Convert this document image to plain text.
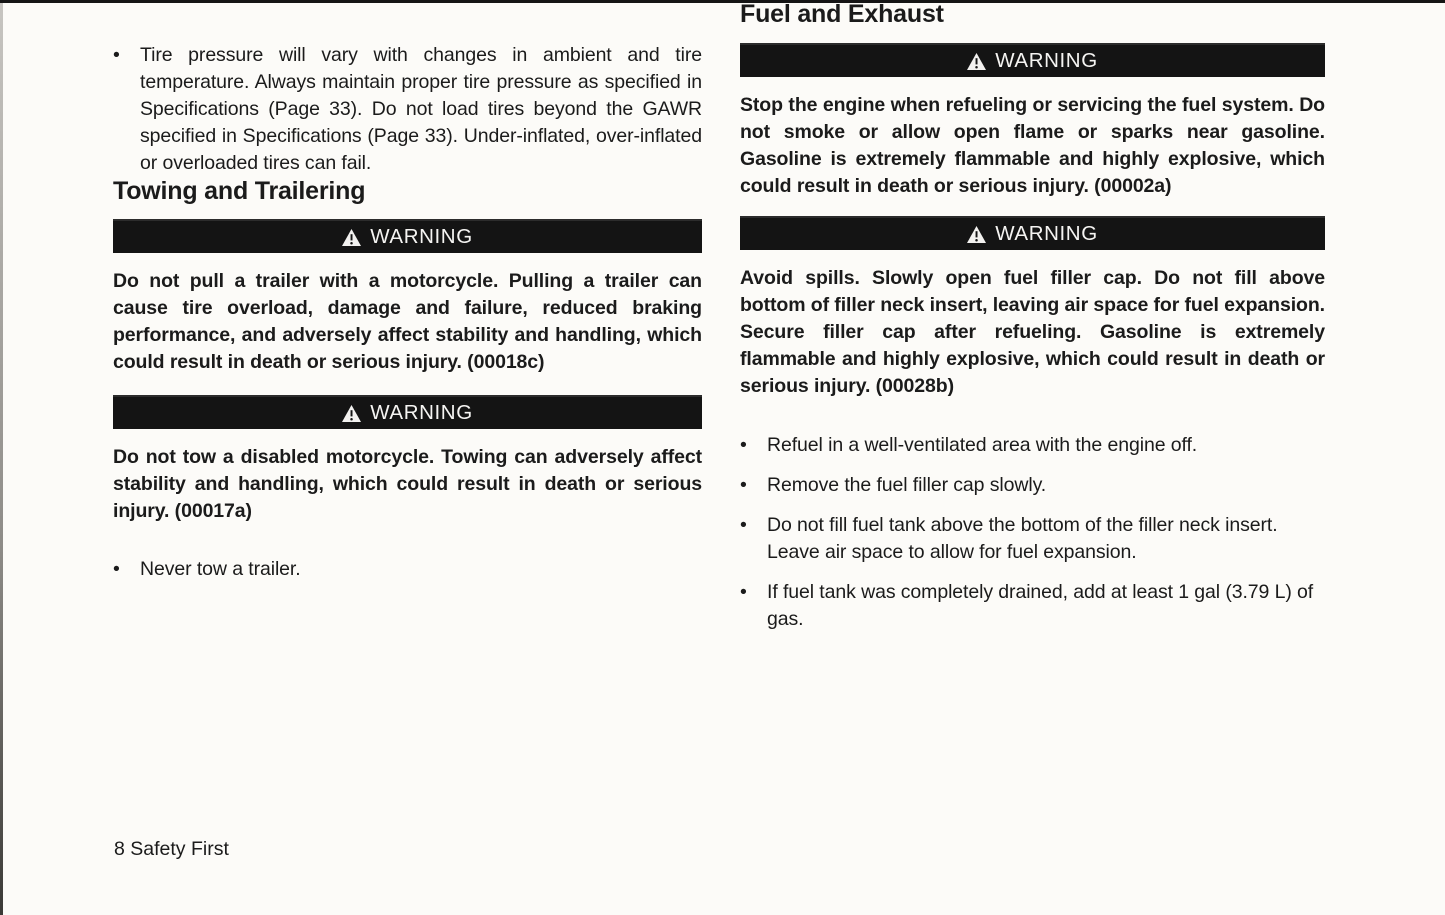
•

Tire pressure will vary with changes in ambient and tire temperature. Always maintain proper tire pressure as specified in Specifications (Page 33). Do not load tires beyond the GAWR specified in Specifications (Page 33). Under-inflated, over-inflated or overloaded tires can fail.

Towing and Trailering
WARNING

Do not pull a trailer with a motorcycle. Pulling a trailer can cause tire overload, damage and failure, reduced braking performance, and adversely affect stability and handling, which could result in death or serious injury. (00018c)

WARNING

Do not tow a disabled motorcycle. Towing can adversely affect stability and handling, which could result in death or serious injury. (00017a)

•

Never tow a trailer.

Fuel and Exhaust
WARNING

Stop the engine when refueling or servicing the fuel system. Do not smoke or allow open flame or sparks near gasoline. Gasoline is extremely flammable and highly explosive, which could result in death or serious injury. (00002a)

WARNING

Avoid spills. Slowly open fuel filler cap. Do not fill above bottom of filler neck insert, leaving air space for fuel expansion. Secure filler cap after refueling. Gasoline is extremely flammable and highly explosive, which could result in death or serious injury. (00028b)

•

Refuel in a well-ventilated area with the engine off.

•

Remove the fuel filler cap slowly.

•

Do not fill fuel tank above the bottom of the filler neck insert. Leave air space to allow for fuel expansion.

•

If fuel tank was completely drained, add at least 1 gal (3.79 L) of gas.

8 Safety First
